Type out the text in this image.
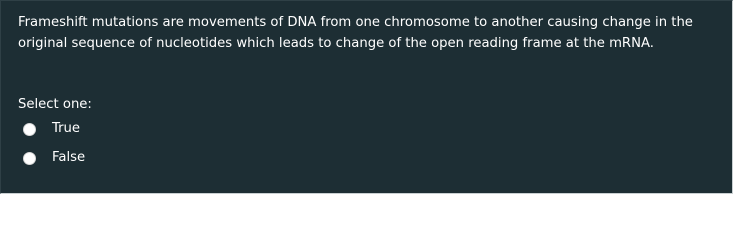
Frameshift mutations are movements of DNA from one chromosome to another causing change in the original sequence of nucleotides which leads to change of the open reading frame at the mRNA.
Select one:
True
False
